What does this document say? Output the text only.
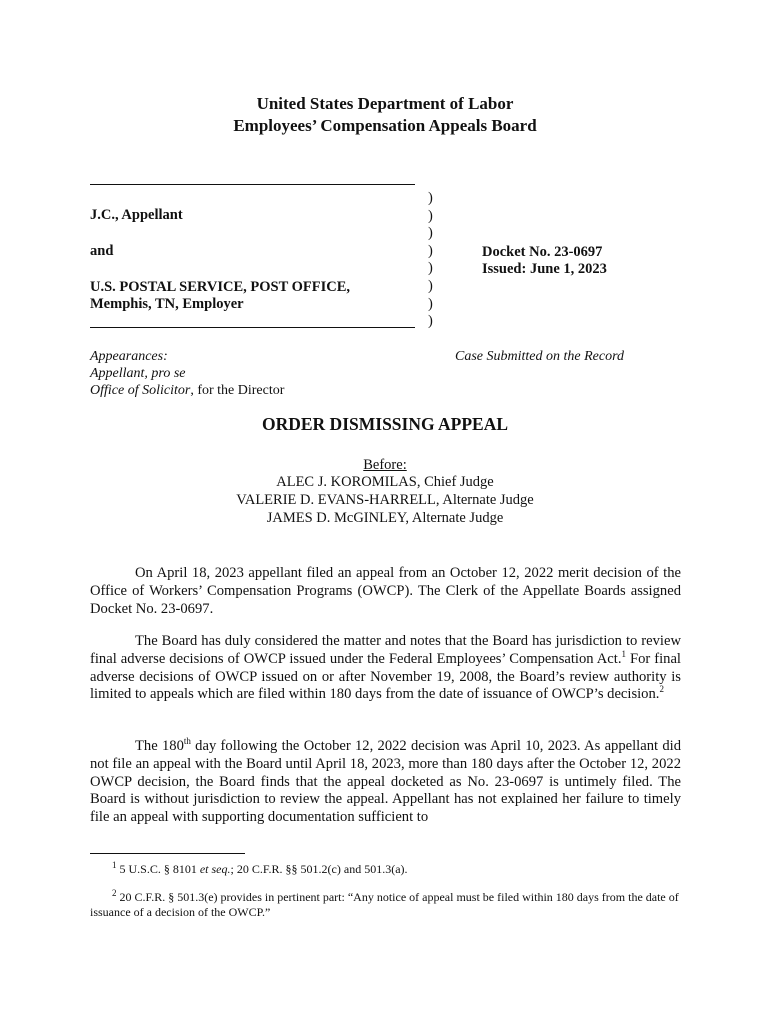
United States Department of Labor
Employees’ Compensation Appeals Board
)
)
)
)
)
)
)
)
J.C., Appellant
and
U.S. POSTAL SERVICE, POST OFFICE,
Memphis, TN, Employer
Docket No. 23-0697
Issued: June 1, 2023
Appearances:
Appellant, pro se
Office of Solicitor, for the Director
Case Submitted on the Record
ORDER DISMISSING APPEAL
Before:
ALEC J. KOROMILAS, Chief Judge
VALERIE D. EVANS-HARRELL, Alternate Judge
JAMES D. McGINLEY, Alternate Judge

On April 18, 2023 appellant filed an appeal from an October 12, 2022 merit decision of the Office of Workers’ Compensation Programs (OWCP). The Clerk of the Appellate Boards assigned Docket No. 23-0697.

The Board has duly considered the matter and notes that the Board has jurisdiction to review final adverse decisions of OWCP issued under the Federal Employees’ Compensation Act.$^1$ For final adverse decisions of OWCP issued on or after November 19, 2008, the Board’s review authority is limited to appeals which are filed within 180 days from the date of issuance of OWCP’s decision.$^2$

The 180th day following the October 12, 2022 decision was April 10, 2023. As appellant did not file an appeal with the Board until April 18, 2023, more than 180 days after the October 12, 2022 OWCP decision, the Board finds that the appeal docketed as No. 23-0697 is untimely filed. The Board is without jurisdiction to review the appeal. Appellant has not explained her failure to timely file an appeal with supporting documentation sufficient to

$^1$ 5 U.S.C. § 8101 et seq.; 20 C.F.R. §§ 501.2(c) and 501.3(a).

$^2$ 20 C.F.R. § 501.3(e) provides in pertinent part: “Any notice of appeal must be filed within 180 days from the date of issuance of a decision of the OWCP.”
